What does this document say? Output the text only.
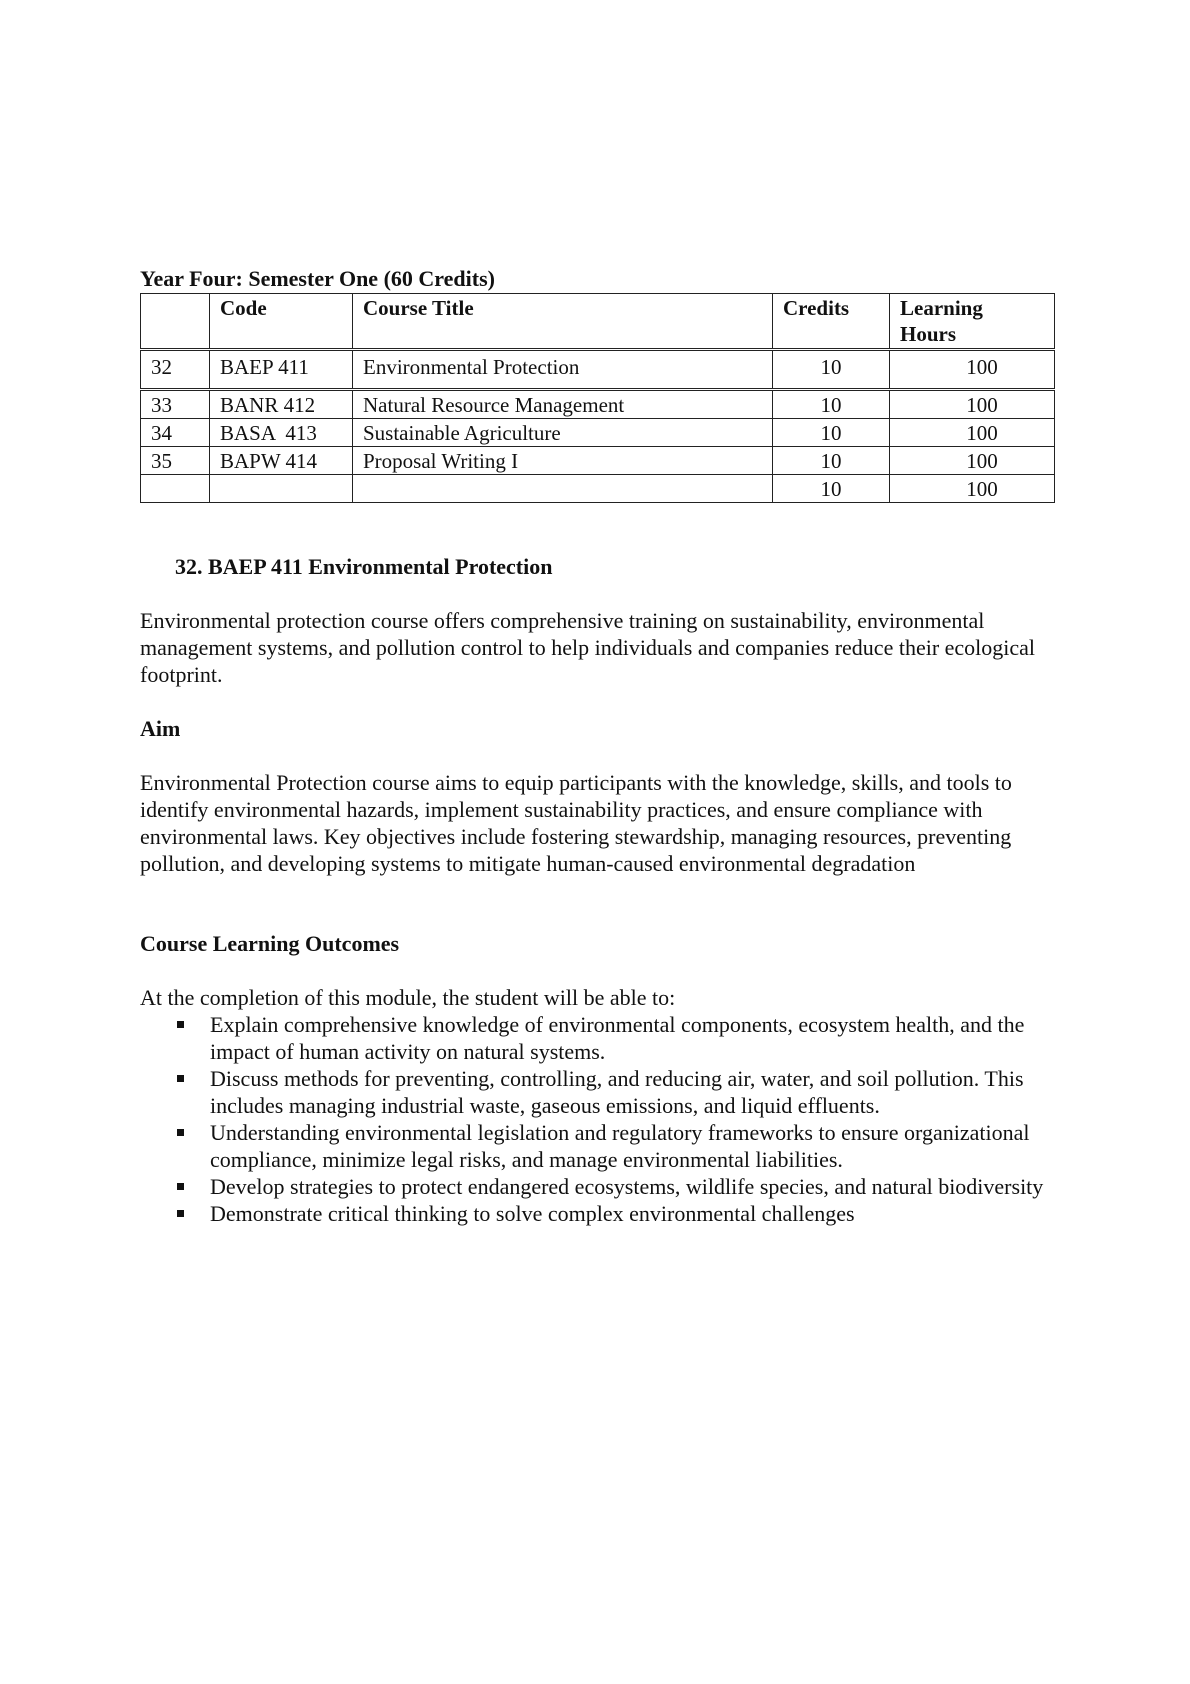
Year Four: Semester One (60 Credits)

	Code	Course Title	Credits	Learning Hours
32	BAEP 411	Environmental Protection	10	100
33	BANR 412	Natural Resource Management	10	100
34	BASA  413	Sustainable Agriculture	10	100
35	BAPW 414	Proposal Writing I	10	100
			10	100

32. BAEP 411 Environmental Protection

Environmental protection course offers comprehensive training on sustainability, environmental management systems, and pollution control to help individuals and companies reduce their ecological footprint.

Aim

Environmental Protection course aims to equip participants with the knowledge, skills, and tools to identify environmental hazards, implement sustainability practices, and ensure compliance with environmental laws. Key objectives include fostering stewardship, managing resources, preventing pollution, and developing systems to mitigate human-caused environmental degradation

Course Learning Outcomes

At the completion of this module, the student will be able to:

Explain comprehensive knowledge of environmental components, ecosystem health, and the impact of human activity on natural systems.
Discuss methods for preventing, controlling, and reducing air, water, and soil pollution. This includes managing industrial waste, gaseous emissions, and liquid effluents.
Understanding environmental legislation and regulatory frameworks to ensure organizational compliance, minimize legal risks, and manage environmental liabilities.
Develop strategies to protect endangered ecosystems, wildlife species, and natural biodiversity
Demonstrate critical thinking to solve complex environmental challenges
